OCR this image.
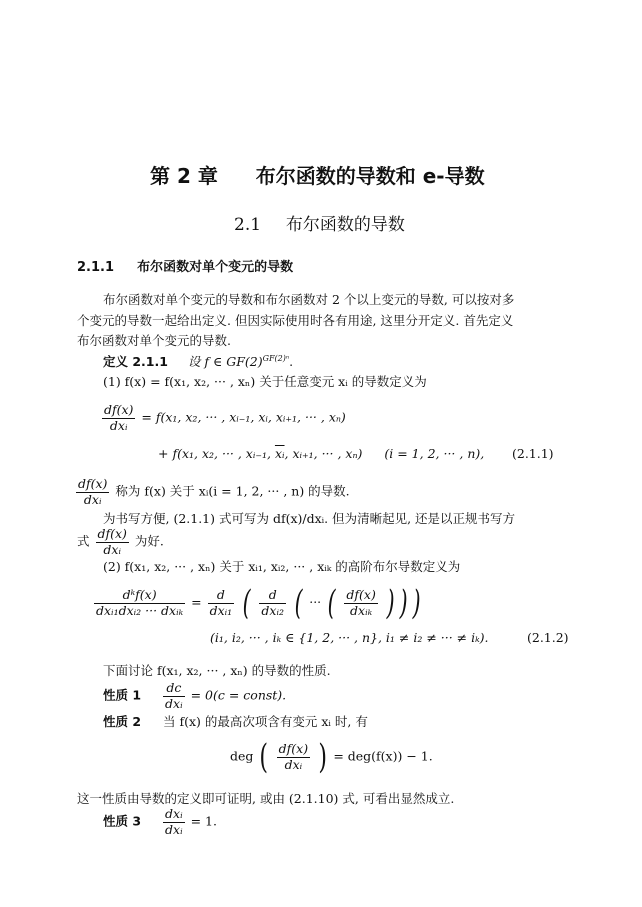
第 2 章 布尔函数的导数和 e-导数
2.1 布尔函数的导数
2.1.1 布尔函数对单个变元的导数
布尔函数对单个变元的导数和布尔函数对 2 个以上变元的导数, 可以按对多
个变元的导数一起给出定义. 但因实际使用时各有用途, 这里分开定义. 首先定义
布尔函数对单个变元的导数.
定义 2.1.1 设 f ∈ $GF(2)^{GF(2)^n}$.
(1) f(x) = f(x₁, x₂, ··· , xₙ) 关于任意变元 xᵢ 的导数定义为
$\frac{df(x)}{\text{dxᵢ}} = f(x_1$, x₂, ··· , xᵢ₋₁, xᵢ, xᵢ₊₁, ··· , xₙ)
+ f(x₁, x₂, ··· , xᵢ₋₁, $\overline{xᵢ}$, xᵢ₊₁, ··· , xₙ) (i = 1, 2, ··· , n), (2.1.1)
$\frac{df(x)}{\text{dxᵢ}}$ 称为 f(x) 关于 xᵢ(i = 1, 2, ··· , n) 的导数.
为书写方便, (2.1.1) 式可写为 df(x)/dxᵢ. 但为清晰起见, 还是以正规书写方
式 $\frac{df(x)}{\text{dxᵢ}}$ 为好.
(2) f(x₁, x₂, ··· , xₙ) 关于 xᵢ₁, xᵢ₂, ··· , xᵢₖ 的高阶布尔导数定义为
$\frac{\text{dᵏf(x)}}{\text{dxᵢ₁dxᵢ₂ ··· dxᵢₖ}} = \frac{d}{\text{dxᵢ₁}}$ ( $\frac{d}{\text{dxᵢ₂}}$ ( ··· ( $\frac{df(x)}{\text{dxᵢₖ}}$ ) ) )
(i₁, i₂, ··· , iₖ ∈ {1, 2, ··· , n}, i₁ ≠ i₂ ≠ ··· ≠ iₖ).	(2.1.2)
下面讨论 f(x₁, x₂, ··· , xₙ) 的导数的性质.
性质 $1 \frac{dc}{\text{dxᵢ}} = 0(c$ = const).
性质 2 当 f(x) 的最高次项含有变元 xᵢ 时, 有
deg ( $\frac{df(x)}{\text{dxᵢ}}$ ) = deg(f(x)) − 1.
这一性质由导数的定义即可证明, 或由 (2.1.10) 式, 可看出显然成立.
性质 $3 \frac{\text{dxᵢ}}{\text{dxᵢ}} = 1$.
